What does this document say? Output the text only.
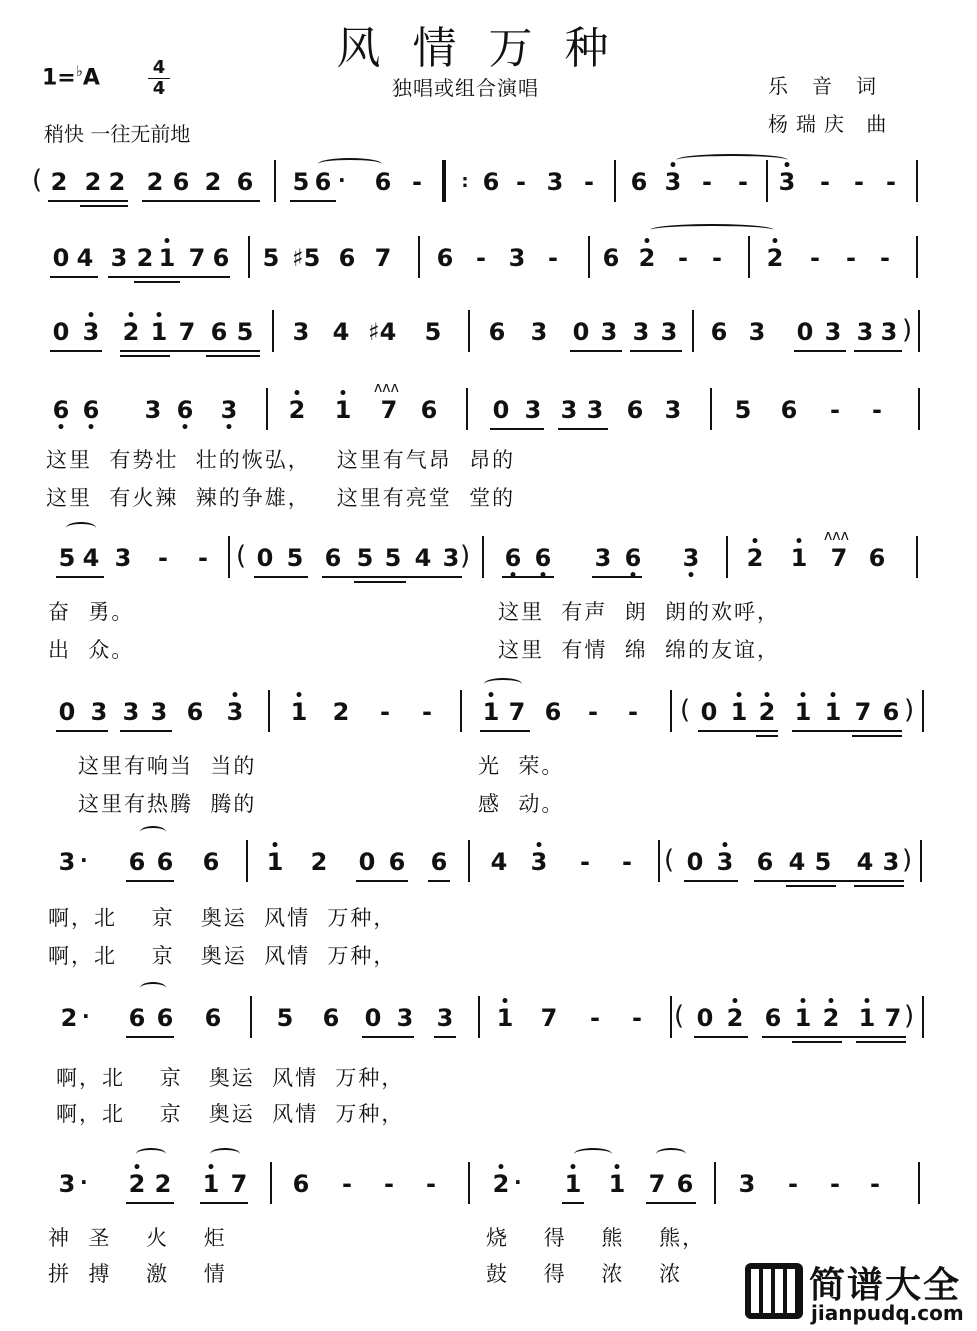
风情万种
1=♭A	4
4
稍快 一往无前地
独唱或组合演唱	乐音词
杨瑞庆 曲
( 2 2 2 2 6 2 6 5 6 · 6 -	: 6 - 3 -	6 • 3 -	-	• 3	-	- -
0 4 3 2 • 1 7 6 5 ♯5 6 7 6 - 3 -	6 • 2 -	-	• 2	-	-	-
0 • 3 • 2 • 1 7 6 5 3 4 ♯4 5 6 3 0 3 3 3 6 3 0 3 3 3 )
6 • 6 • 3 6 • 3 • • 2 • 1 7 6
ʌʌʌ
0 3 3 3 6 3 5 6	-	-
这里  有势壮  壮的恢弘，   这里有气昂  昂的
这里  有火辣  辣的争雄，   这里有亮堂  堂的
5 4 3	-	-	( 0 5 6 5 5 4 3 ) 6 • 6 • 3 6 • 3 • • 2 • 1 7 6
ʌʌʌ
奋  勇。	这里  有声  朗  朗的欢呼，
出  众。	这里  有情  绵  绵的友谊，
0 3 3 3 6 • 3 • 1 2	-	-	• 1 7 6	-	-	( 0 • 1 • 2 • 1 • 1 7 6 )
这里有响当  当的	光  荣。
这里有热腾  腾的	感  动。
3 · 6 6 6 • 1 2 0 6 6 4 • 3	-	-	( 0 • 3 6 4 5 4 3 )
啊，北    京   奥运  风情  万种，
啊，北    京   奥运  风情  万种，
2 · 6 6 6 5 6 0 3 3 • 1 7	-	-	( 0 • 2 6 • 1 • 2 • 1 7 )
啊，北    京   奥运  风情  万种，
啊，北    京   奥运  风情  万种，
3 · • 2 2 • 1 7 6	-	-	-	• 2 · • 1 • 1 7 6 3	-	-	-
神  圣    火    炬	烧    得    熊    熊，
拼  搏    激    情	鼓    得    浓    浓	简谱大全
jianpudq.com
